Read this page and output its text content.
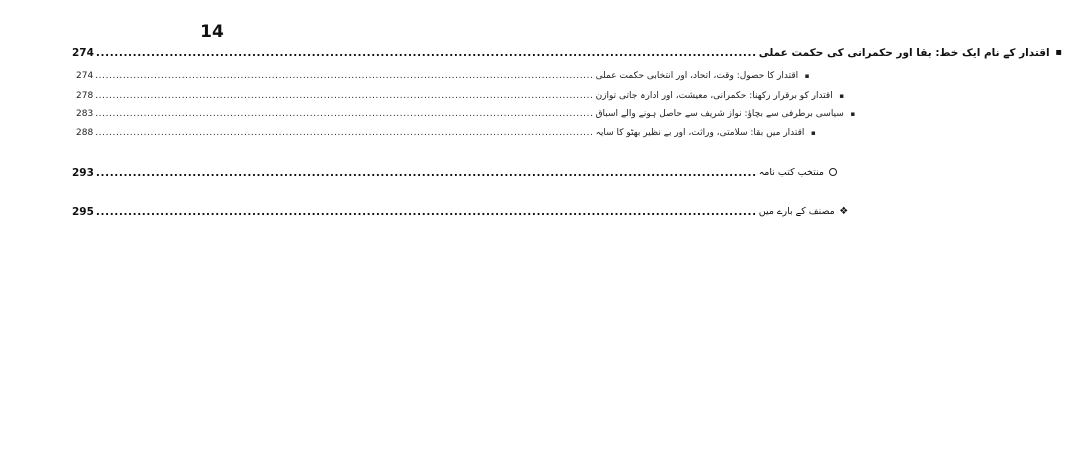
14
274 ................................................................................................................................................ اقتدار کے نام ایک خط: بقا اور حکمرانی کی حکمت عملی ▪
274 ................................................................................................................................................ اقتدار کا حصول: وقت، اتحاد، اور انتخابی حکمت عملی ▪
278 ................................................................................................................................................ اقتدار کو برقرار رکھنا: حکمرانی، معیشت، اور ادارہ جاتی توازن ▪
283 ................................................................................................................................................ سیاسی برطرفی سے بچاؤ: نواز شریف سے حاصل ہونے والے اسباق ▪
288 ................................................................................................................................................ اقتدار میں بقا: سلامتی، وراثت، اور بے نظیر بھٹو کا سایہ ▪
293 ................................................................................................................................................ منتخب کتب نامہ
295 ................................................................................................................................................ مصنف کے بارے میں ❖
